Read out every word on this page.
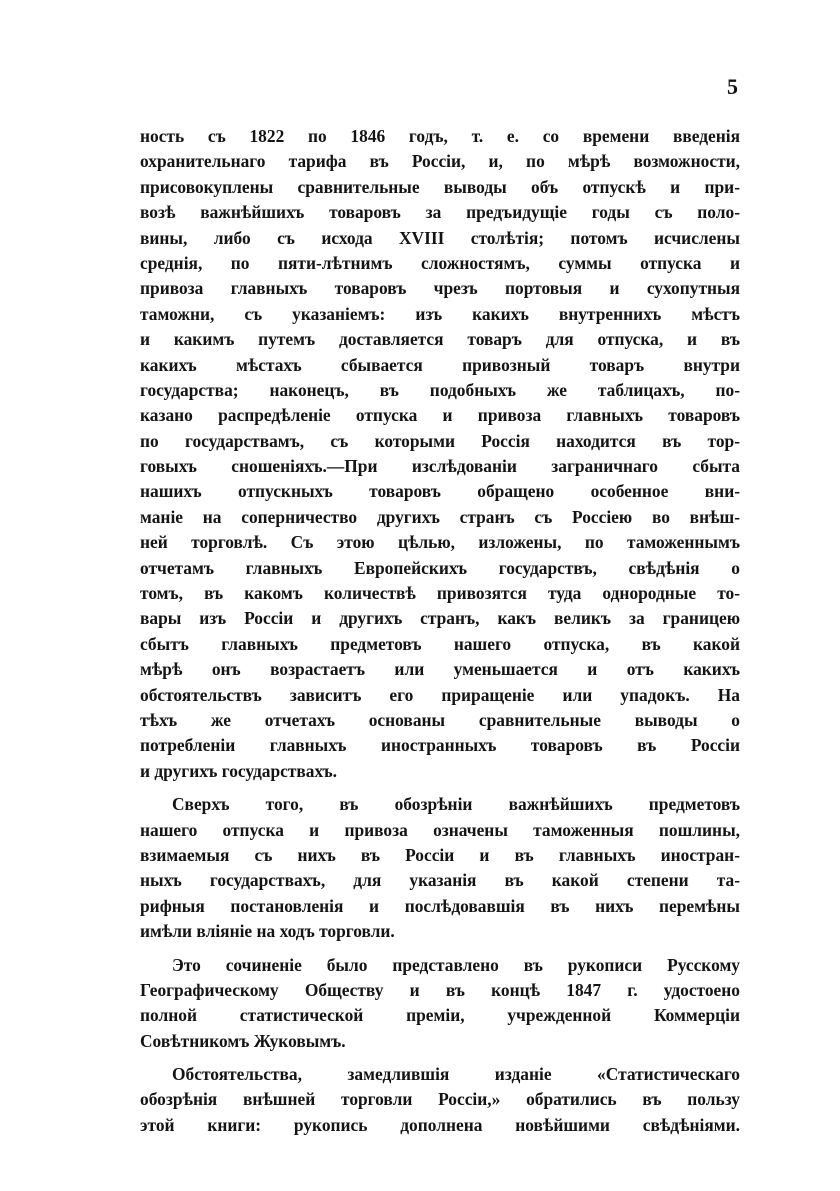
5
ность съ 1822 по 1846 годъ, т. е. со времени введенія
охранительнаго тарифа въ Россіи, и, по мѣрѣ возможности,
присовокуплены сравнительные выводы объ отпускѣ и при-
возѣ важнѣйшихъ товаровъ за предъидущіе годы съ поло-
вины, либо съ исхода XVIII столѣтія; потомъ исчислены
среднія, по пяти-лѣтнимъ сложностямъ, суммы отпуска и
привоза главныхъ товаровъ чрезъ портовыя и сухопутныя
таможни, съ указаніемъ: изъ какихъ внутреннихъ мѣстъ
и какимъ путемъ доставляется товаръ для отпуска, и въ
какихъ мѣстахъ сбывается привозный товаръ внутри
государства; наконецъ, въ подобныхъ же таблицахъ, по-
казано распредѣленіе отпуска и привоза главныхъ товаровъ
по государствамъ, съ которыми Россія находится въ тор-
говыхъ сношеніяхъ.—При изслѣдованіи заграничнаго сбыта
нашихъ отпускныхъ товаровъ обращено особенное вни-
маніе на соперничество другихъ странъ съ Россіею во внѣш-
ней торговлѣ. Съ этою цѣлью, изложены, по таможеннымъ
отчетамъ главныхъ Европейскихъ государствъ, свѣдѣнія о
томъ, въ какомъ количествѣ привозятся туда однородные то-
вары изъ Россіи и другихъ странъ, какъ великъ за границею
сбытъ главныхъ предметовъ нашего отпуска, въ какой
мѣрѣ онъ возрастаетъ или уменьшается и отъ какихъ
обстоятельствъ зависитъ его приращеніе или упадокъ. На
тѣхъ же отчетахъ основаны сравнительные выводы о
потребленіи главныхъ иностранныхъ товаровъ въ Россіи
и другихъ государствахъ.
Сверхъ того, въ обозрѣніи важнѣйшихъ предметовъ
нашего отпуска и привоза означены таможенныя пошлины,
взимаемыя съ нихъ въ Россіи и въ главныхъ иностран-
ныхъ государствахъ, для указанія въ какой степени та-
рифныя постановленія и послѣдовавшія въ нихъ перемѣны
имѣли вліяніе на ходъ торговли.
Это сочиненіе было представлено въ рукописи Русскому
Географическому Обществу и въ концѣ 1847 г. удостоено
полной статистической преміи, учрежденной Коммерціи
Совѣтникомъ Жуковымъ.
Обстоятельства, замедлившія изданіе «Статистическаго
обозрѣнія внѣшней торговли Россіи,» обратились въ пользу
этой книги: рукопись дополнена новѣйшими свѣдѣніями.
